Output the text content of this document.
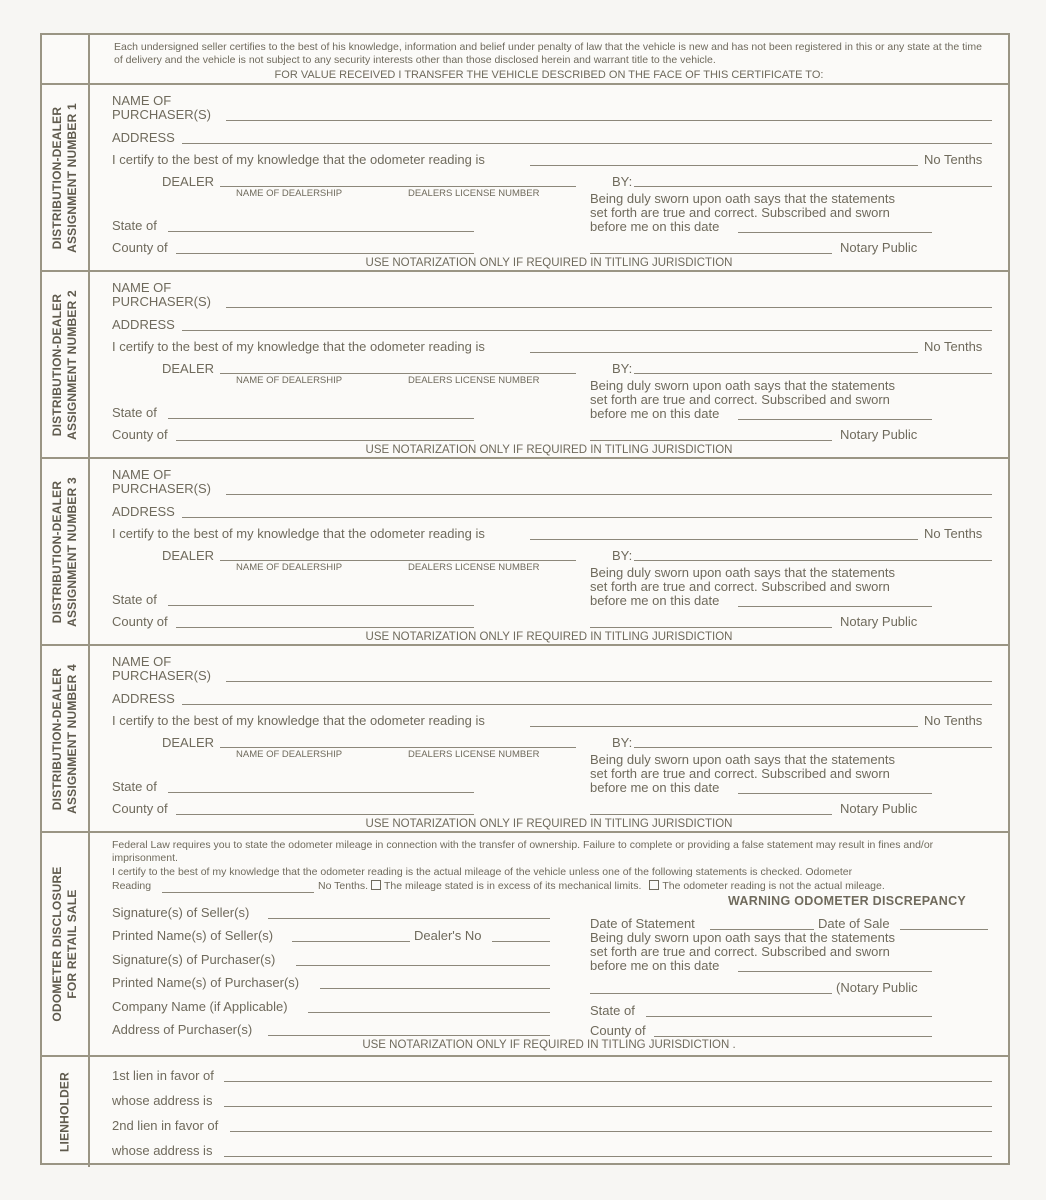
Each undersigned seller certifies to the best of his knowledge, information and belief under penalty of law that the vehicle is new and has not been registered in this or any state at the time of delivery and the vehicle is not subject to any security interests other than those disclosed herein and warrant title to the vehicle.
FOR VALUE RECEIVED I TRANSFER THE VEHICLE DESCRIBED ON THE FACE OF THIS CERTIFICATE TO:
DISTRIBUTION-DEALER ASSIGNMENT NUMBER 1
NAME OF
PURCHASER(S)
ADDRESS
I certify to the best of my knowledge that the odometer reading is	No Tenths
DEALER
NAME OF DEALERSHIP	DEALERS LICENSE NUMBER
BY:
Being duly sworn upon oath says that the statements
set forth are true and correct. Subscribed and sworn
before me on this date
State of
County of	Notary Public
USE NOTARIZATION ONLY IF REQUIRED IN TITLING JURISDICTION
DISTRIBUTION-DEALER ASSIGNMENT NUMBER 2
NAME OF
PURCHASER(S)
ADDRESS
I certify to the best of my knowledge that the odometer reading is	No Tenths
DEALER
NAME OF DEALERSHIP	DEALERS LICENSE NUMBER
BY:
Being duly sworn upon oath says that the statements
set forth are true and correct. Subscribed and sworn
before me on this date
State of
County of	Notary Public
USE NOTARIZATION ONLY IF REQUIRED IN TITLING JURISDICTION
DISTRIBUTION-DEALER ASSIGNMENT NUMBER 3
NAME OF
PURCHASER(S)
ADDRESS
I certify to the best of my knowledge that the odometer reading is	No Tenths
DEALER
NAME OF DEALERSHIP	DEALERS LICENSE NUMBER
BY:
Being duly sworn upon oath says that the statements
set forth are true and correct. Subscribed and sworn
before me on this date
State of
County of	Notary Public
USE NOTARIZATION ONLY IF REQUIRED IN TITLING JURISDICTION
DISTRIBUTION-DEALER ASSIGNMENT NUMBER 4
NAME OF
PURCHASER(S)
ADDRESS
I certify to the best of my knowledge that the odometer reading is	No Tenths
DEALER
NAME OF DEALERSHIP	DEALERS LICENSE NUMBER
BY:
Being duly sworn upon oath says that the statements
set forth are true and correct. Subscribed and sworn
before me on this date
State of
County of	Notary Public
USE NOTARIZATION ONLY IF REQUIRED IN TITLING JURISDICTION
ODOMETER DISCLOSURE FOR RETAIL SALE
Federal Law requires you to state the odometer mileage in connection with the transfer of ownership. Failure to complete or providing a false statement may result in fines and/or imprisonment.
I certify to the best of my knowledge that the odometer reading is the actual mileage of the vehicle unless one of the following statements is checked. Odometer
Reading	No Tenths. The mileage stated is in excess of its mechanical limits. The odometer reading is not the actual mileage.
WARNING ODOMETER DISCREPANCY
Signature(s) of Seller(s)
Printed Name(s) of Seller(s)	Dealer's No
Signature(s) of Purchaser(s)
Printed Name(s) of Purchaser(s)
Company Name (if Applicable)
Address of Purchaser(s)
Date of Statement	Date of Sale
Being duly sworn upon oath says that the statements
set forth are true and correct. Subscribed and sworn
before me on this date
(Notary Public
State of
County of
USE NOTARIZATION ONLY IF REQUIRED IN TITLING JURISDICTION .
LIENHOLDER	1st lien in favor of
whose address is
2nd lien in favor of
whose address is
